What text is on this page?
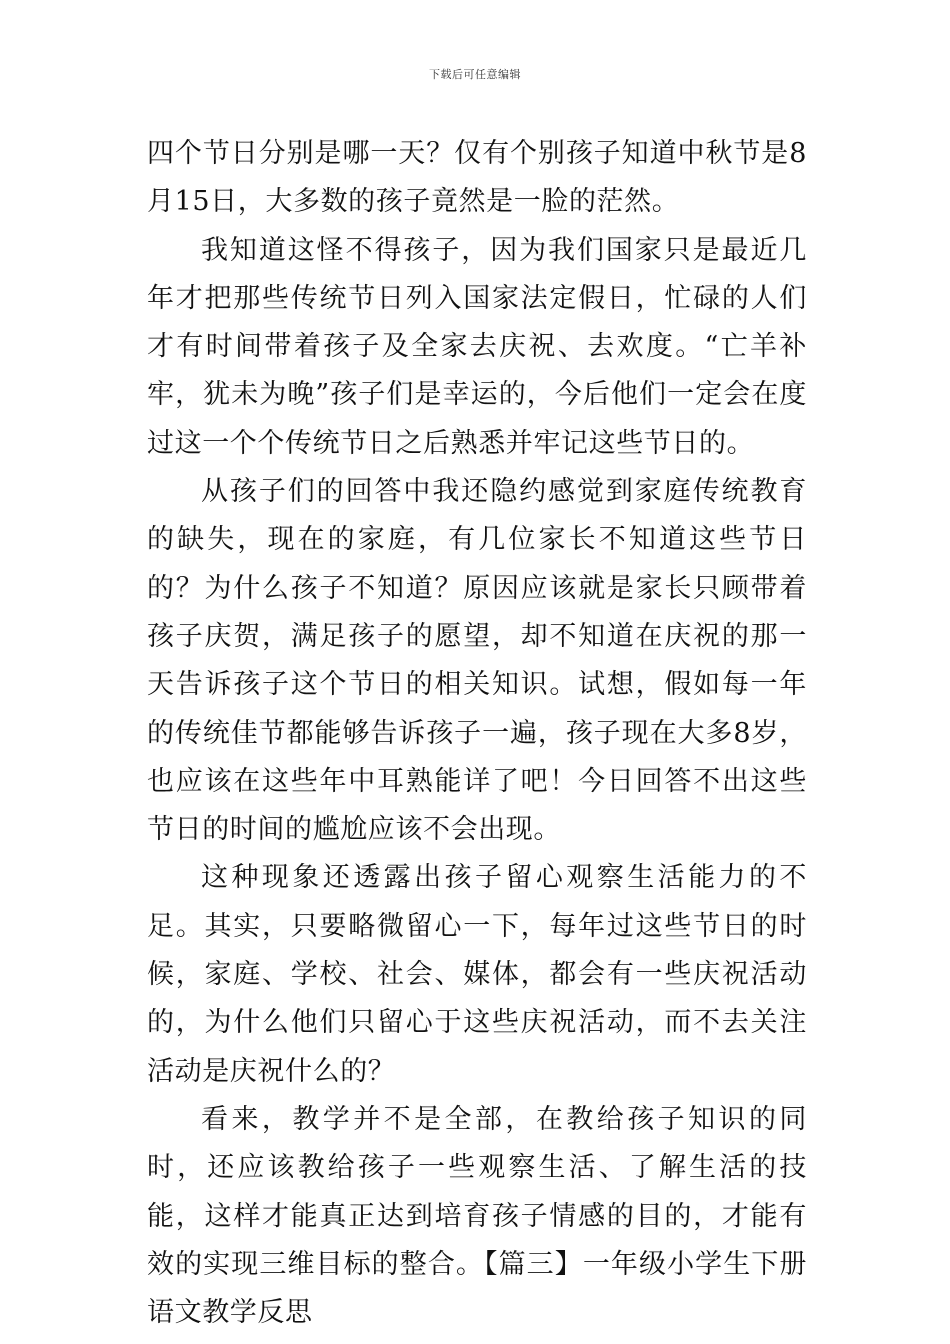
下载后可任意编辑

四个节日分别是哪一天？仅有个别孩子知道中秋节是8月15日，大多数的孩子竟然是一脸的茫然。

我知道这怪不得孩子，因为我们国家只是最近几年才把那些传统节日列入国家法定假日，忙碌的人们才有时间带着孩子及全家去庆祝、去欢度。“亡羊补牢，犹未为晚”孩子们是幸运的，今后他们一定会在度过这一个个传统节日之后熟悉并牢记这些节日的。

从孩子们的回答中我还隐约感觉到家庭传统教育的缺失，现在的家庭，有几位家长不知道这些节日的？为什么孩子不知道？原因应该就是家长只顾带着孩子庆贺，满足孩子的愿望，却不知道在庆祝的那一天告诉孩子这个节日的相关知识。试想，假如每一年的传统佳节都能够告诉孩子一遍，孩子现在大多8岁，也应该在这些年中耳熟能详了吧！今日回答不出这些节日的时间的尴尬应该不会出现。

这种现象还透露出孩子留心观察生活能力的不足。其实，只要略微留心一下，每年过这些节日的时候，家庭、学校、社会、媒体，都会有一些庆祝活动的，为什么他们只留心于这些庆祝活动，而不去关注活动是庆祝什么的？

看来，教学并不是全部，在教给孩子知识的同时，还应该教给孩子一些观察生活、了解生活的技能，这样才能真正达到培育孩子情感的目的，才能有效的实现三维目标的整合。【篇三】一年级小学生下册语文教学反思
